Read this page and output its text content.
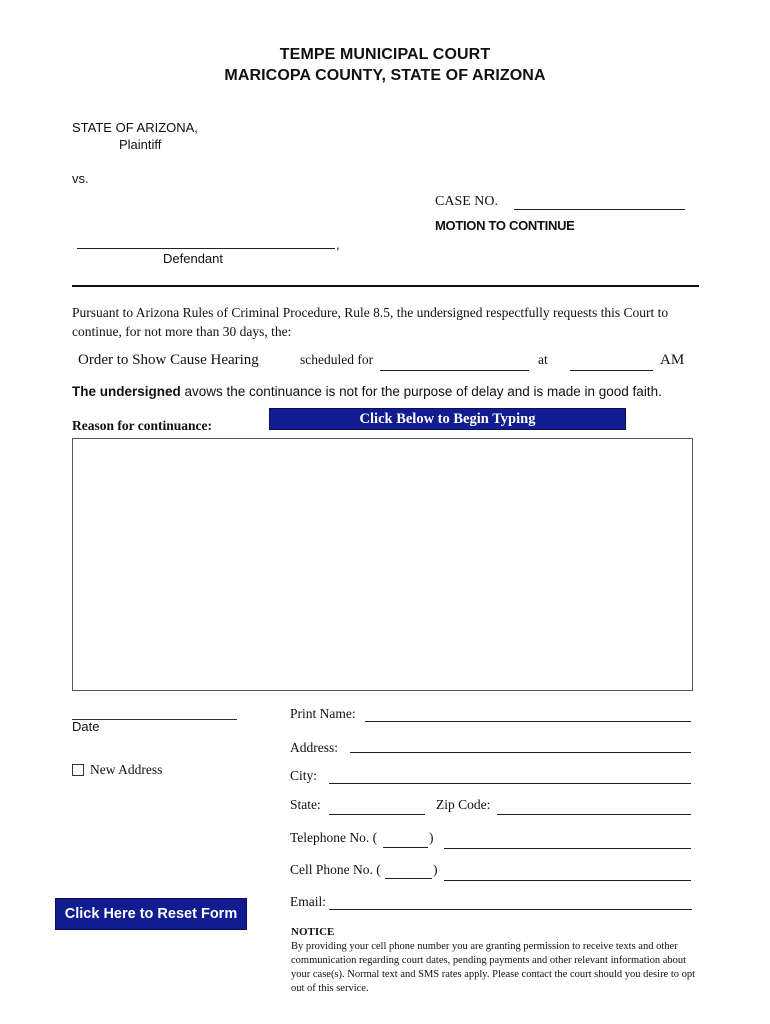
TEMPE MUNICIPAL COURT
MARICOPA COUNTY, STATE OF ARIZONA
STATE OF ARIZONA,
Plaintiff
vs.
CASE NO.
MOTION TO CONTINUE
,
Defendant
Pursuant to Arizona Rules of Criminal Procedure, Rule 8.5, the undersigned respectfully requests this Court to continue, for not more than 30 days, the:
Order to Show Cause Hearing	scheduled for	at	AM
The undersigned avows the continuance is not for the purpose of delay and is made in good faith.
Reason for continuance:	Click Below to Begin Typing
Date
New Address
Click Here to Reset Form
Print Name:
Address:
City:
State:	Zip Code:
Telephone No. (	)
Cell Phone No. (	)
Email:
NOTICE
By providing your cell phone number you are granting permission to receive texts and other communication regarding court dates, pending payments and other relevant information about your case(s). Normal text and SMS rates apply. Please contact the court should you desire to opt out of this service.
